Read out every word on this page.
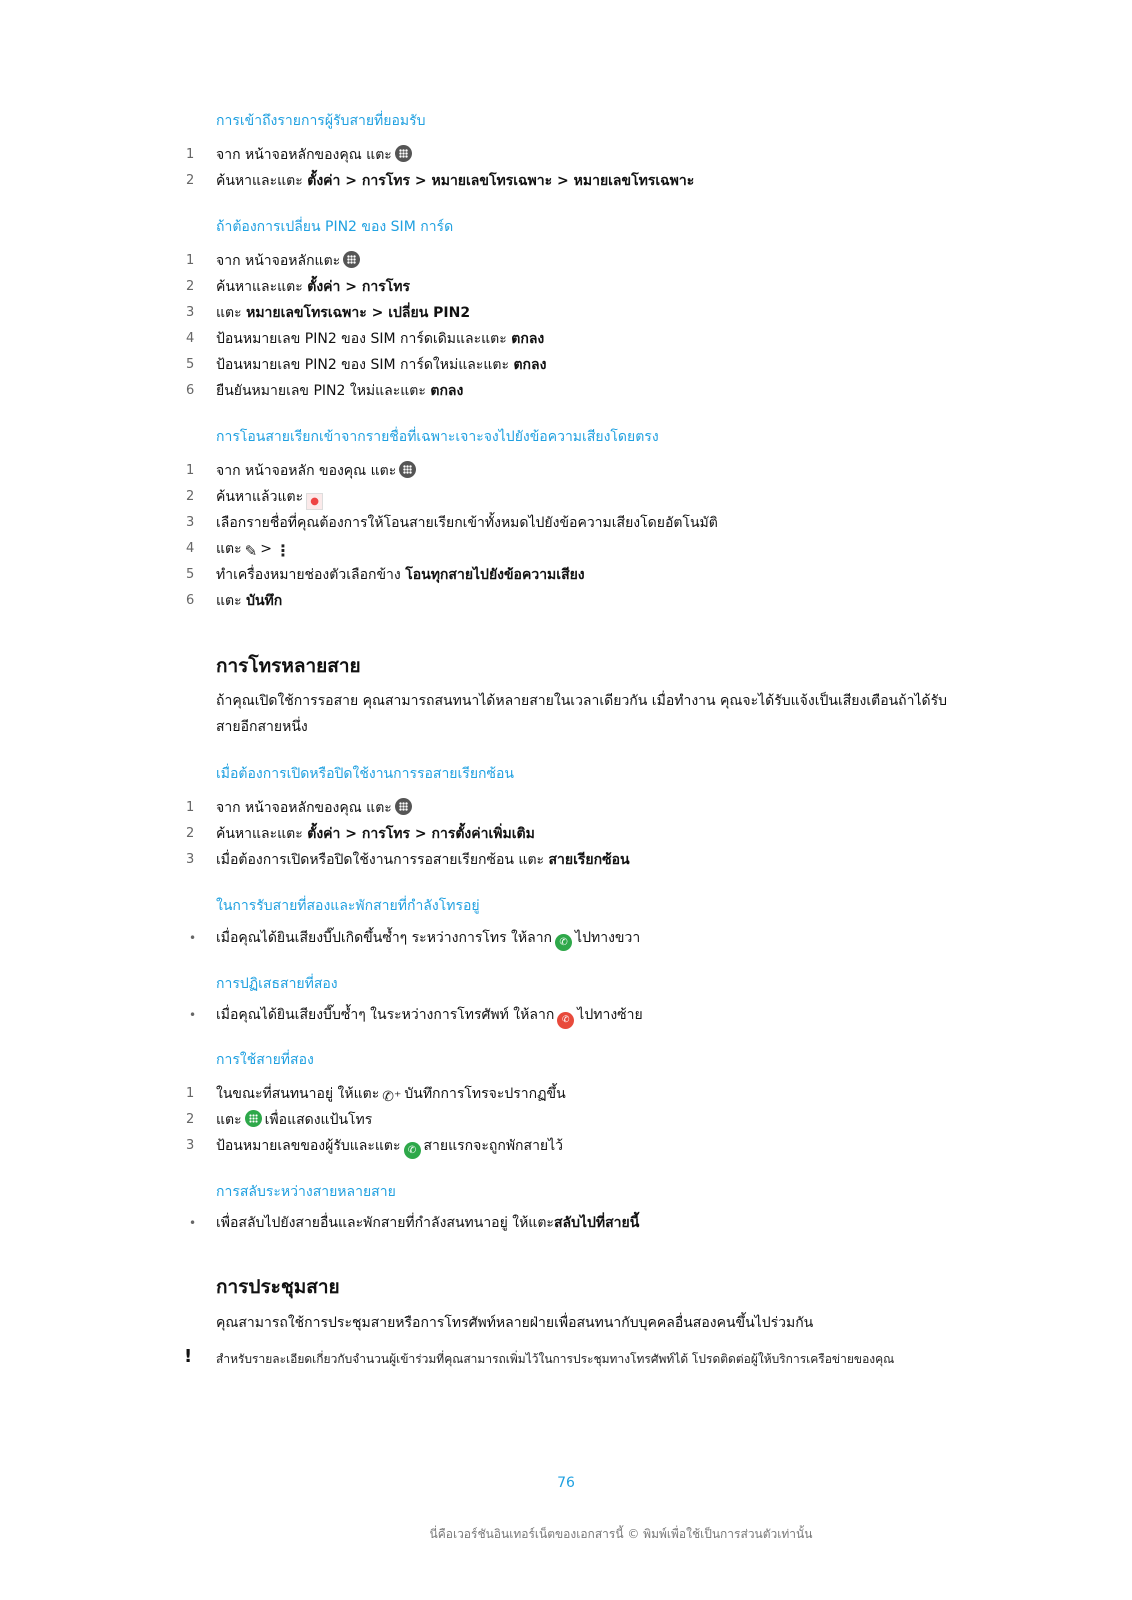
การเข้าถึงรายการผู้รับสายที่ยอมรับ
1	จาก หน้าจอหลักของคุณ แตะ
2	ค้นหาและแตะ ตั้งค่า > การโทร > หมายเลขโทรเฉพาะ > หมายเลขโทรเฉพาะ
ถ้าต้องการเปลี่ยน PIN2 ของ SIM การ์ด
1	จาก หน้าจอหลักแตะ
2	ค้นหาและแตะ ตั้งค่า > การโทร
3	แตะ หมายเลขโทรเฉพาะ > เปลี่ยน PIN2
4	ป้อนหมายเลข PIN2 ของ SIM การ์ดเดิมและแตะ ตกลง
5	ป้อนหมายเลข PIN2 ของ SIM การ์ดใหม่และแตะ ตกลง
6	ยืนยันหมายเลข PIN2 ใหม่และแตะ ตกลง
การโอนสายเรียกเข้าจากรายชื่อที่เฉพาะเจาะจงไปยังข้อความเสียงโดยตรง
1	จาก หน้าจอหลัก ของคุณ แตะ
2	ค้นหาแล้วแตะ ●
3	เลือกรายชื่อที่คุณต้องการให้โอนสายเรียกเข้าทั้งหมดไปยังข้อความเสียงโดยอัตโนมัติ
4	แตะ ✎ > ⋮
5	ทำเครื่องหมายช่องตัวเลือกข้าง โอนทุกสายไปยังข้อความเสียง
6	แตะ บันทึก
การโทรหลายสาย
ถ้าคุณเปิดใช้การรอสาย คุณสามารถสนทนาได้หลายสายในเวลาเดียวกัน เมื่อทำงาน คุณจะได้รับแจ้งเป็นเสียงเตือนถ้าได้รับสายอีกสายหนึ่ง
เมื่อต้องการเปิดหรือปิดใช้งานการรอสายเรียกซ้อน
1	จาก หน้าจอหลักของคุณ แตะ
2	ค้นหาและแตะ ตั้งค่า > การโทร > การตั้งค่าเพิ่มเติม
3	เมื่อต้องการเปิดหรือปิดใช้งานการรอสายเรียกซ้อน แตะ สายเรียกซ้อน
ในการรับสายที่สองและพักสายที่กำลังโทรอยู่
• เมื่อคุณได้ยินเสียงบี๊ปเกิดขึ้นซ้ำๆ ระหว่างการโทร ให้ลาก ✆ ไปทางขวา
การปฏิเสธสายที่สอง
• เมื่อคุณได้ยินเสียงบี๊บซ้ำๆ ในระหว่างการโทรศัพท์ ให้ลาก ✆ ไปทางซ้าย
การใช้สายที่สอง
1	ในขณะที่สนทนาอยู่ ให้แตะ ✆⁺ บันทึกการโทรจะปรากฏขึ้น
2	แตะ เพื่อแสดงแป้นโทร
3	ป้อนหมายเลขของผู้รับและแตะ ✆ สายแรกจะถูกพักสายไว้
การสลับระหว่างสายหลายสาย
• เพื่อสลับไปยังสายอื่นและพักสายที่กำลังสนทนาอยู่ ให้แตะสลับไปที่สายนี้
การประชุมสาย
คุณสามารถใช้การประชุมสายหรือการโทรศัพท์หลายฝ่ายเพื่อสนทนากับบุคคลอื่นสองคนขึ้นไปร่วมกัน
! สำหรับรายละเอียดเกี่ยวกับจำนวนผู้เข้าร่วมที่คุณสามารถเพิ่มไว้ในการประชุมทางโทรศัพท์ได้ โปรดติดต่อผู้ให้บริการเครือข่ายของคุณ
76
นี่คือเวอร์ชันอินเทอร์เน็ตของเอกสารนี้ © พิมพ์เพื่อใช้เป็นการส่วนตัวเท่านั้น
